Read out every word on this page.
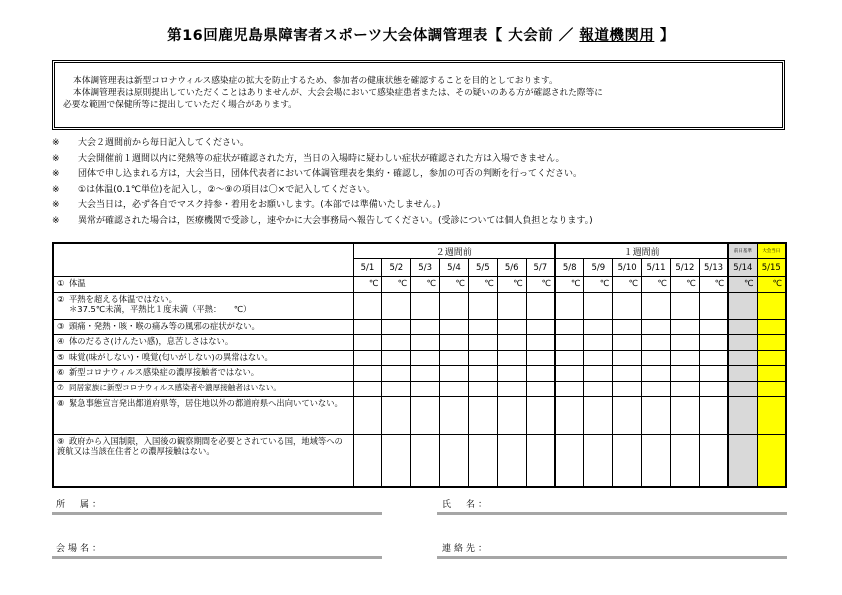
第16回鹿児島県障害者スポーツ大会体調管理表【 大会前 ／ 報道機関用 】
本体調管理表は新型コロナウィルス感染症の拡大を防止するため、参加者の健康状態を確認することを目的としております。
本体調管理表は原則提出していただくことはありませんが、大会会場において感染症患者または、その疑いのある方が確認された際等に
必要な範囲で保健所等に提出していただく場合があります。
※ 大会２週間前から毎日記入してください。
※ 大会開催前１週間以内に発熱等の症状が確認された方，当日の入場時に疑わしい症状が確認された方は入場できません。
※ 団体で申し込まれる方は，大会当日，団体代表者において体調管理表を集約・確認し，参加の可否の判断を行ってください。
※ ①は体温(0.1℃単位)を記入し，②～⑨の項目は〇×で記入してください。
※ 大会当日は，必ず各自でマスク持参・着用をお願いします。(本部では準備いたしません。)
※ 異常が確認された場合は，医療機関で受診し，速やかに大会事務局へ報告してください。(受診については個人負担となります。)
	２週間前							１週間前						前日基準	大会当日
	5/1	5/2	5/3	5/4	5/5	5/6	5/7	5/8	5/9	5/10	5/11	5/12	5/13	5/14	5/15
① 体温	℃	℃	℃	℃	℃	℃	℃	℃	℃	℃	℃	℃	℃	℃	℃
② 平熱を超える体温ではない。
＊37.5℃未満，平熱比１度未満（平熱：　　℃）															

③ 頭痛・発熱・咳・喉の痛み等の風邪の症状がない。															
④ 体のだるさ(けんたい感)，息苦しさはない。															
⑤ 味覚(味がしない)・嗅覚(匂いがしない)の異常はない。															
⑥ 新型コロナウィルス感染症の濃厚接触者ではない。															
⑦ 同居家族に新型コロナウィルス感染者や濃厚接触者はいない。															
⑧ 緊急事態宣言発出都道府県等，居住地以外の都道府県へ出向いていない。															
⑨ 政府から入国制限，入国後の観察期間を必要とされている国，地域等への渡航又は当該在住者との濃厚接触はない。															
所　属：	氏　名：
会場名：	連絡先：
